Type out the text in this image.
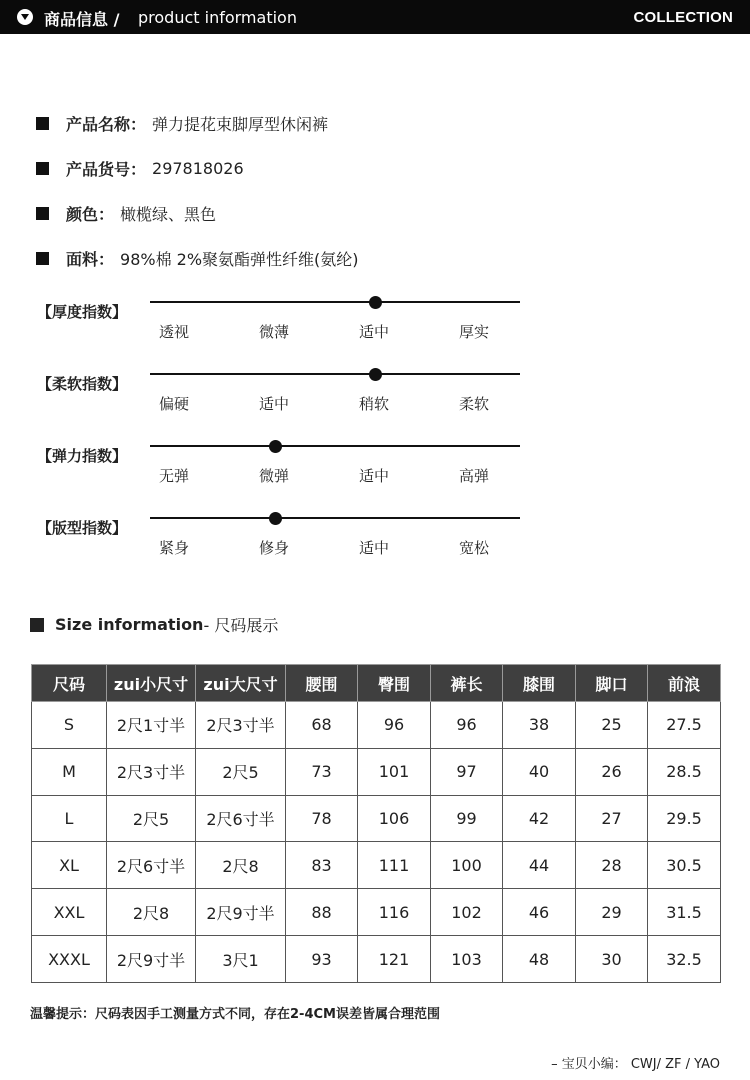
商品信息 / product information	COLLECTION
产品名称： 弹力提花束脚厚型休闲裤
产品货号： 297818026
颜色： 橄榄绿、黑色
面料： 98%棉 2%聚氨酯弹性纤维(氨纶)
【厚度指数】
透视	微薄	适中	厚实
【柔软指数】
偏硬	适中	稍软	柔软
【弹力指数】
无弹	微弹	适中	高弹
【版型指数】
紧身	修身	适中	宽松
Size information - 尺码展示
尺码	zui小尺寸	zui大尺寸	腰围	臀围	裤长	膝围	脚口	前浪
S	2尺1寸半	2尺3寸半	68	96	96	38	25	27.5
M	2尺3寸半	2尺5	73	101	97	40	26	28.5
L	2尺5	2尺6寸半	78	106	99	42	27	29.5
XL	2尺6寸半	2尺8	83	111	100	44	28	30.5
XXL	2尺8	2尺9寸半	88	116	102	46	29	31.5
XXXL	2尺9寸半	3尺1	93	121	103	48	30	32.5
温馨提示：尺码表因手工测量方式不同，存在2-4CM误差皆属合理范围
– 宝贝小编： CWJ/ ZF / YAO
